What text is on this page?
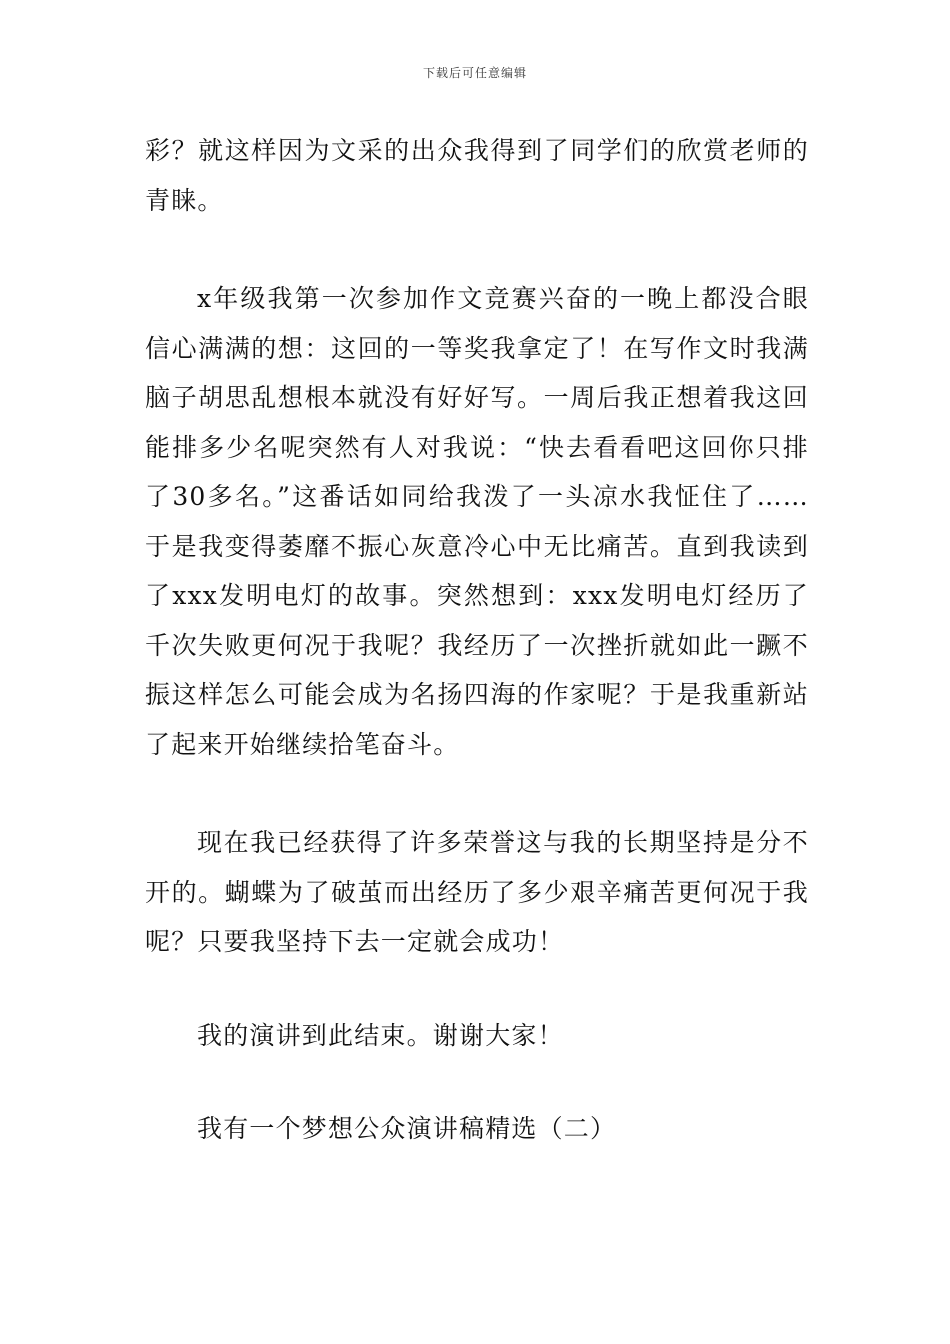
下载后可任意编辑

彩？就这样因为文采的出众我得到了同学们的欣赏老师的青睐。

x年级我第一次参加作文竞赛兴奋的一晚上都没合眼信心满满的想：这回的一等奖我拿定了！在写作文时我满脑子胡思乱想根本就没有好好写。一周后我正想着我这回能排多少名呢突然有人对我说：“快去看看吧这回你只排了30多名。”这番话如同给我泼了一头凉水我怔住了……于是我变得萎靡不振心灰意冷心中无比痛苦。直到我读到了xxx发明电灯的故事。突然想到：xxx发明电灯经历了千次失败更何况于我呢？我经历了一次挫折就如此一蹶不振这样怎么可能会成为名扬四海的作家呢？于是我重新站了起来开始继续拾笔奋斗。

现在我已经获得了许多荣誉这与我的长期坚持是分不开的。蝴蝶为了破茧而出经历了多少艰辛痛苦更何况于我呢？只要我坚持下去一定就会成功！

我的演讲到此结束。谢谢大家！

我有一个梦想公众演讲稿精选（二）
